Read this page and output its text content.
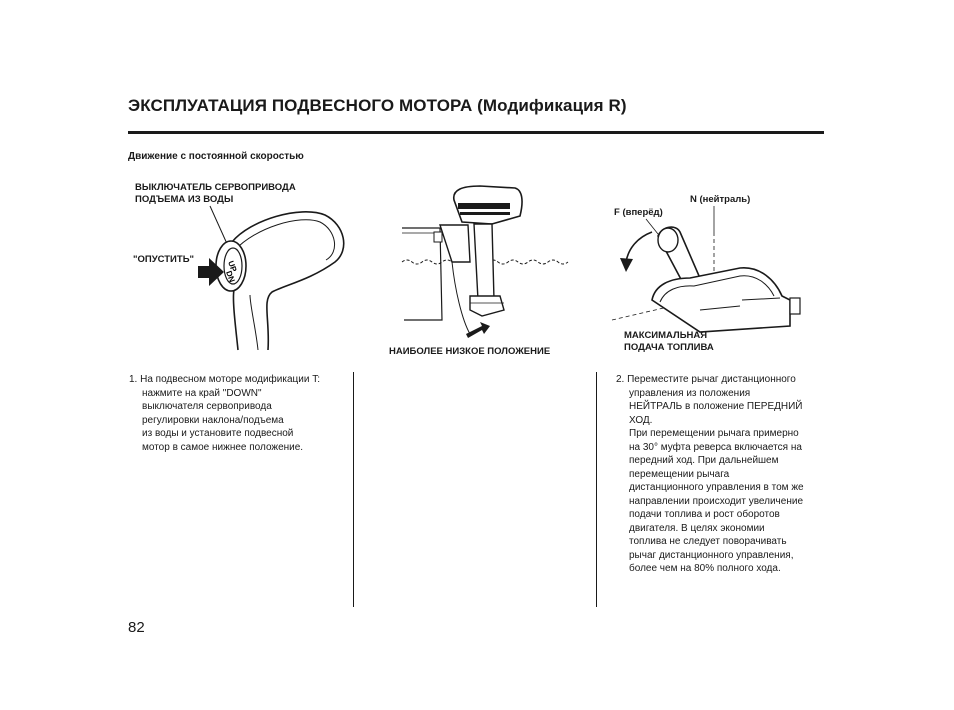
ЭКСПЛУАТАЦИЯ ПОДВЕСНОГО МОТОРА (Модификация R)
Движение с постоянной скоростью
ВЫКЛЮЧАТЕЛЬ СЕРВОПРИВОДА
ПОДЪЕМА ИЗ ВОДЫ
"ОПУСТИТЬ"
UP
DN
НАИБОЛЕЕ НИЗКОЕ ПОЛОЖЕНИЕ
F (вперёд)
N (нейтраль)
МАКСИМАЛЬНАЯ
ПОДАЧА ТОПЛИВА
1. На подвесном моторе модификации T:
нажмите на край "DOWN"
выключателя сервопривода
регулировки наклона/подъема
из воды и установите подвесной
мотор в самое нижнее положение.
2. Переместите рычаг дистанционного
управления из положения
НЕЙТРАЛЬ в положение ПЕРЕДНИЙ
ХОД.
При перемещении рычага примерно
на 30° муфта реверса включается на
передний ход. При дальнейшем
перемещении рычага
дистанционного управления в том же
направлении происходит увеличение
подачи топлива и рост оборотов
двигателя. В целях экономии
топлива не следует поворачивать
рычаг дистанционного управления,
более чем на 80% полного хода.
82
